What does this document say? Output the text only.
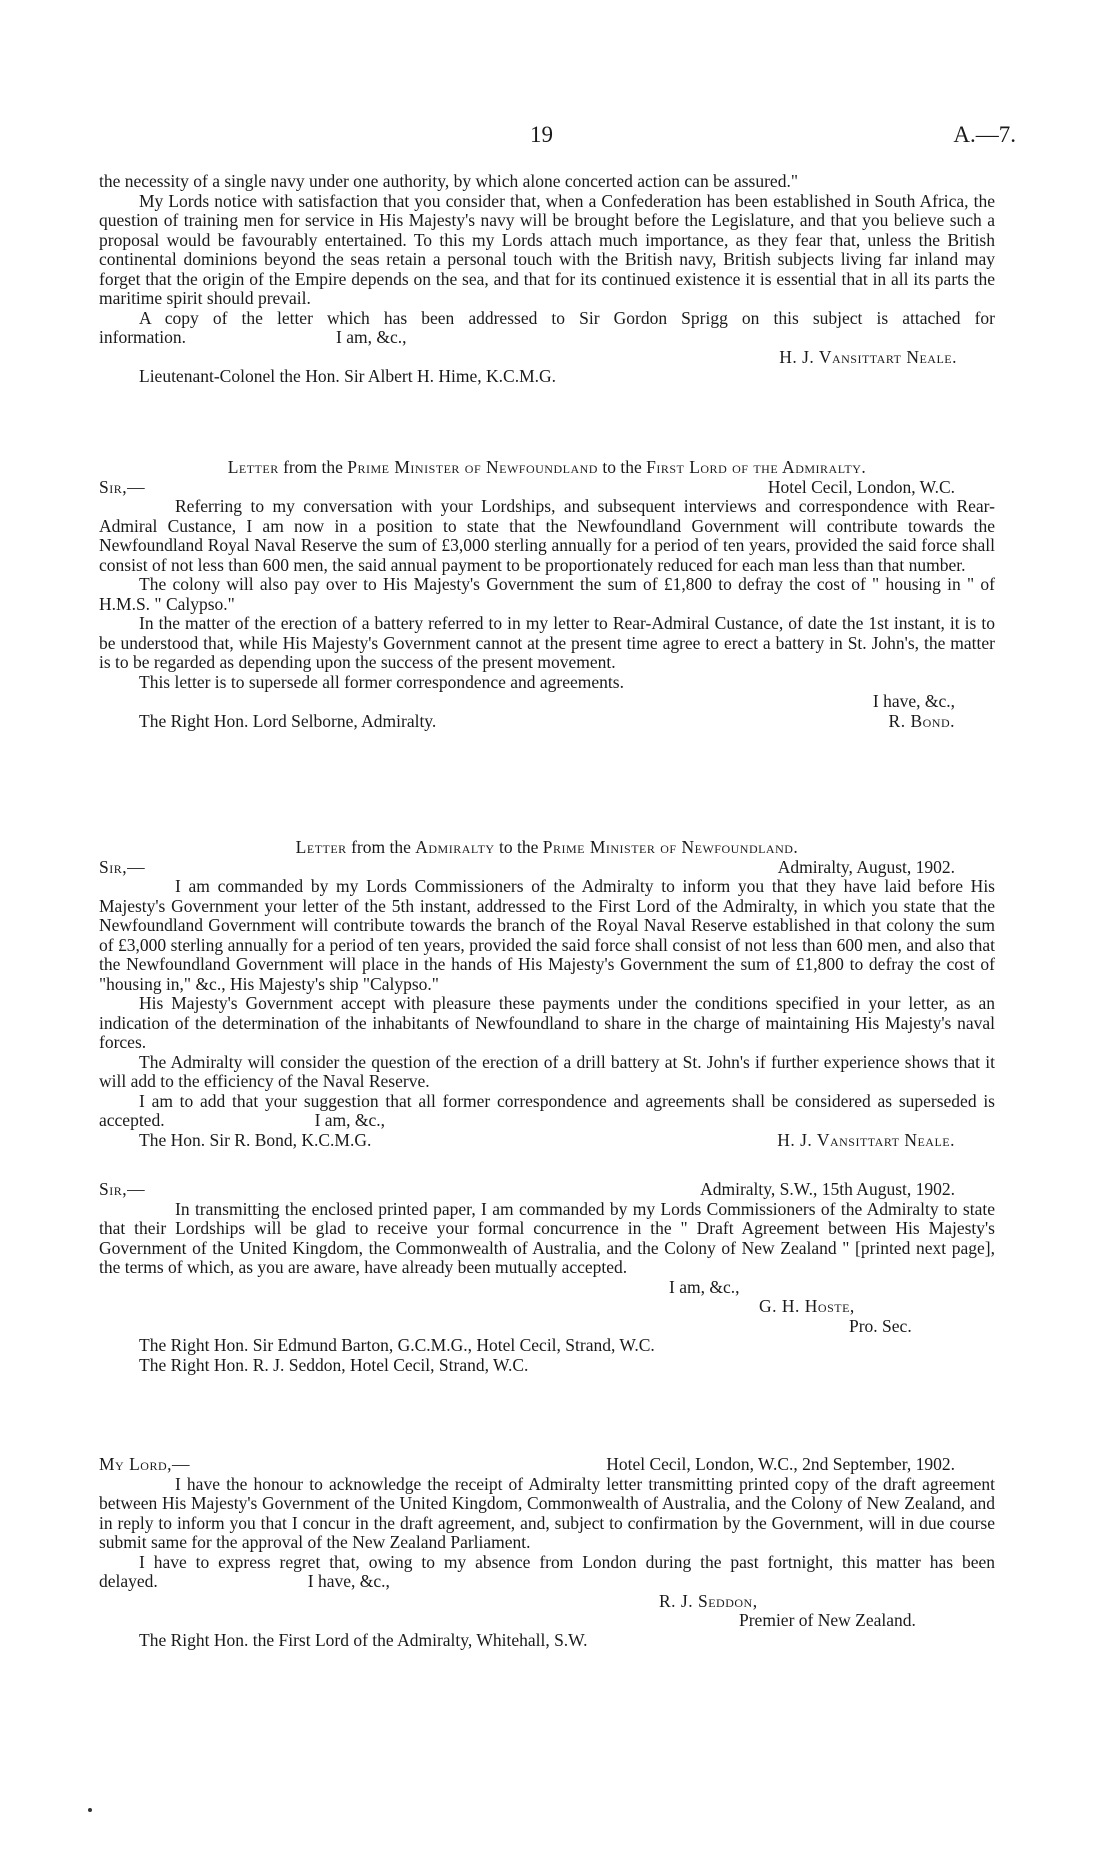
19	A.—7.

the necessity of a single navy under one authority, by which alone concerted action can be assured."

My Lords notice with satisfaction that you consider that, when a Confederation has been established in South Africa, the question of training men for service in His Majesty's navy will be brought before the Legislature, and that you believe such a proposal would be favourably entertained. To this my Lords attach much importance, as they fear that, unless the British continental dominions beyond the seas retain a personal touch with the British navy, British subjects living far inland may forget that the origin of the Empire depends on the sea, and that for its continued existence it is essential that in all its parts the maritime spirit should prevail.

A copy of the letter which has been addressed to Sir Gordon Sprigg on this subject is attached for information.	I am, &c.,

H. J. Vansittart Neale.
Lieutenant-Colonel the Hon. Sir Albert H. Hime, K.C.M.G.
Letter from the Prime Minister of Newfoundland to the First Lord of the Admiralty.
Sir,—	Hotel Cecil, London, W.C.

Referring to my conversation with your Lordships, and subsequent interviews and correspondence with Rear-Admiral Custance, I am now in a position to state that the Newfoundland Government will contribute towards the Newfoundland Royal Naval Reserve the sum of £3,000 sterling annually for a period of ten years, provided the said force shall consist of not less than 600 men, the said annual payment to be proportionately reduced for each man less than that number.

The colony will also pay over to His Majesty's Government the sum of £1,800 to defray the cost of " housing in " of H.M.S. " Calypso."

In the matter of the erection of a battery referred to in my letter to Rear-Admiral Custance, of date the 1st instant, it is to be understood that, while His Majesty's Government cannot at the present time agree to erect a battery in St. John's, the matter is to be regarded as depending upon the success of the present movement.

This letter is to supersede all former correspondence and agreements.

I have, &c.,
The Right Hon. Lord Selborne, Admiralty.	R. Bond.
Letter from the Admiralty to the Prime Minister of Newfoundland.
Sir,—	Admiralty, August, 1902.

I am commanded by my Lords Commissioners of the Admiralty to inform you that they have laid before His Majesty's Government your letter of the 5th instant, addressed to the First Lord of the Admiralty, in which you state that the Newfoundland Government will contribute towards the branch of the Royal Naval Reserve established in that colony the sum of £3,000 sterling annually for a period of ten years, provided the said force shall consist of not less than 600 men, and also that the Newfoundland Government will place in the hands of His Majesty's Government the sum of £1,800 to defray the cost of "housing in," &c., His Majesty's ship "Calypso."

His Majesty's Government accept with pleasure these payments under the conditions specified in your letter, as an indication of the determination of the inhabitants of Newfoundland to share in the charge of maintaining His Majesty's naval forces.

The Admiralty will consider the question of the erection of a drill battery at St. John's if further experience shows that it will add to the efficiency of the Naval Reserve.

I am to add that your suggestion that all former correspondence and agreements shall be considered as superseded is accepted.	I am, &c.,

The Hon. Sir R. Bond, K.C.M.G.	H. J. Vansittart Neale.
Sir,—	Admiralty, S.W., 15th August, 1902.

In transmitting the enclosed printed paper, I am commanded by my Lords Commissioners of the Admiralty to state that their Lordships will be glad to receive your formal concurrence in the " Draft Agreement between His Majesty's Government of the United Kingdom, the Commonwealth of Australia, and the Colony of New Zealand " [printed next page], the terms of which, as you are aware, have already been mutually accepted.

I am, &c.,
G. H. Hoste,
Pro. Sec.
The Right Hon. Sir Edmund Barton, G.C.M.G., Hotel Cecil, Strand, W.C.
The Right Hon. R. J. Seddon, Hotel Cecil, Strand, W.C.
My Lord,—	Hotel Cecil, London, W.C., 2nd September, 1902.

I have the honour to acknowledge the receipt of Admiralty letter transmitting printed copy of the draft agreement between His Majesty's Government of the United Kingdom, Commonwealth of Australia, and the Colony of New Zealand, and in reply to inform you that I concur in the draft agreement, and, subject to confirmation by the Government, will in due course submit same for the approval of the New Zealand Parliament.

I have to express regret that, owing to my absence from London during the past fortnight, this matter has been delayed.	I have, &c.,

R. J. Seddon,
Premier of New Zealand.
The Right Hon. the First Lord of the Admiralty, Whitehall, S.W.
